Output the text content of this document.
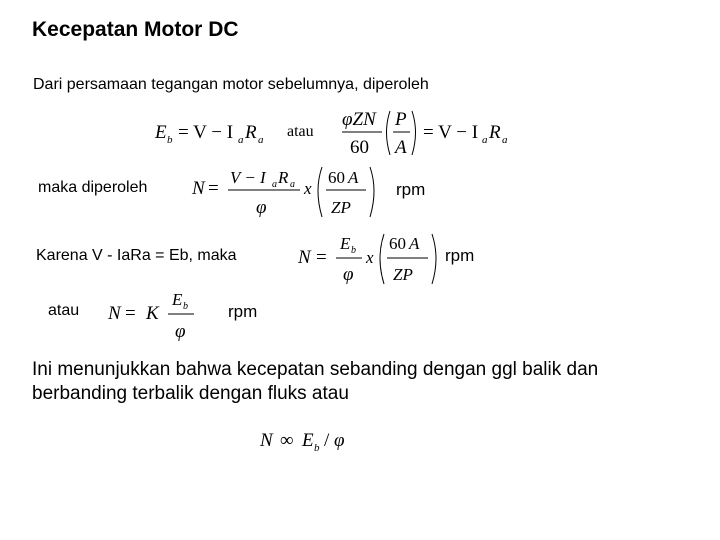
Kecepatan Motor DC
Dari persamaan tegangan motor sebelumnya, diperoleh
E b = V − I a R a atau
φZN
60
P
A
= V − I a R a
maka diperoleh N =
V − I a R a
φ
x
60 A
ZP
rpm
Karena V - IaRa = Eb, maka	N =
E b
φ
x
60 A
ZP
rpm
atau N = K
E b
φ
rpm
Ini menunjukkan bahwa kecepatan sebanding dengan ggl balik dan berbanding terbalik dengan fluks atau
N ∞ E b / φ
